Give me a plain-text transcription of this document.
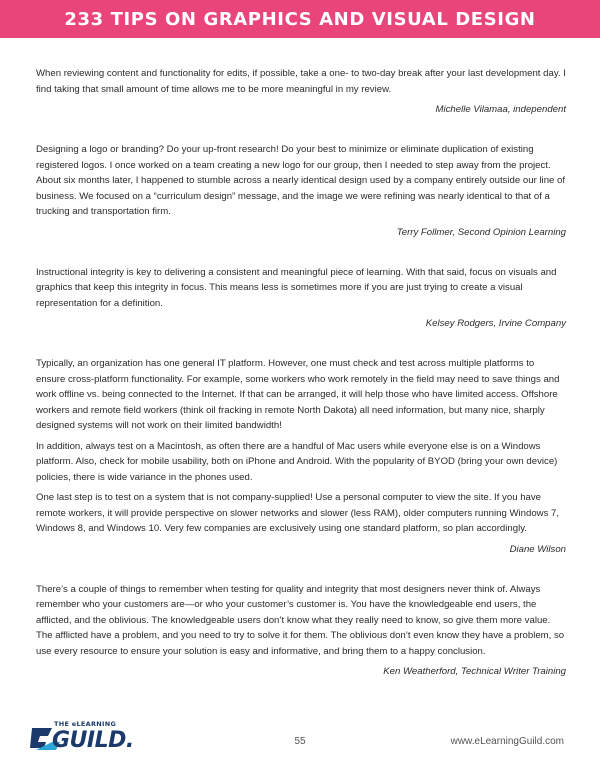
233 TIPS ON GRAPHICS AND VISUAL DESIGN

When reviewing content and functionality for edits, if possible, take a one- to two-day break after your last development day. I find taking that small amount of time allows me to be more meaningful in my review.

Michelle Vilamaa, independent

Designing a logo or branding? Do your up-front research! Do your best to minimize or eliminate duplication of existing registered logos. I once worked on a team creating a new logo for our group, then I needed to step away from the project. About six months later, I happened to stumble across a nearly identical design used by a company entirely outside our line of business. We focused on a “curriculum design” message, and the image we were refining was nearly identical to that of a trucking and transportation firm.

Terry Follmer, Second Opinion Learning

Instructional integrity is key to delivering a consistent and meaningful piece of learning. With that said, focus on visuals and graphics that keep this integrity in focus. This means less is sometimes more if you are just trying to create a visual representation for a definition.

Kelsey Rodgers, Irvine Company

Typically, an organization has one general IT platform. However, one must check and test across multiple platforms to ensure cross-platform functionality. For example, some workers who work remotely in the field may need to save things and work offline vs. being connected to the Internet. If that can be arranged, it will help those who have limited access. Offshore workers and remote field workers (think oil fracking in remote North Dakota) all need information, but many nice, sharply designed systems will not work on their limited bandwidth!

In addition, always test on a Macintosh, as often there are a handful of Mac users while everyone else is on a Windows platform. Also, check for mobile usability, both on iPhone and Android. With the popularity of BYOD (bring your own device) policies, there is wide variance in the phones used.

One last step is to test on a system that is not company-supplied! Use a personal computer to view the site. If you have remote workers, it will provide perspective on slower networks and slower (less RAM), older computers running Windows 7, Windows 8, and Windows 10. Very few companies are exclusively using one standard platform, so plan accordingly.

Diane Wilson

There’s a couple of things to remember when testing for quality and integrity that most designers never think of. Always remember who your customers are—or who your customer’s customer is. You have the knowledgeable end users, the afflicted, and the oblivious. The knowledgeable users don’t know what they really need to know, so give them more value. The afflicted have a problem, and you need to try to solve it for them. The oblivious don’t even know they have a problem, so use every resource to ensure your solution is easy and informative, and bring them to a happy conclusion.

Ken Weatherford, Technical Writer Training

THE eLEARNING
GUILD.	55	www.eLearningGuild.com
